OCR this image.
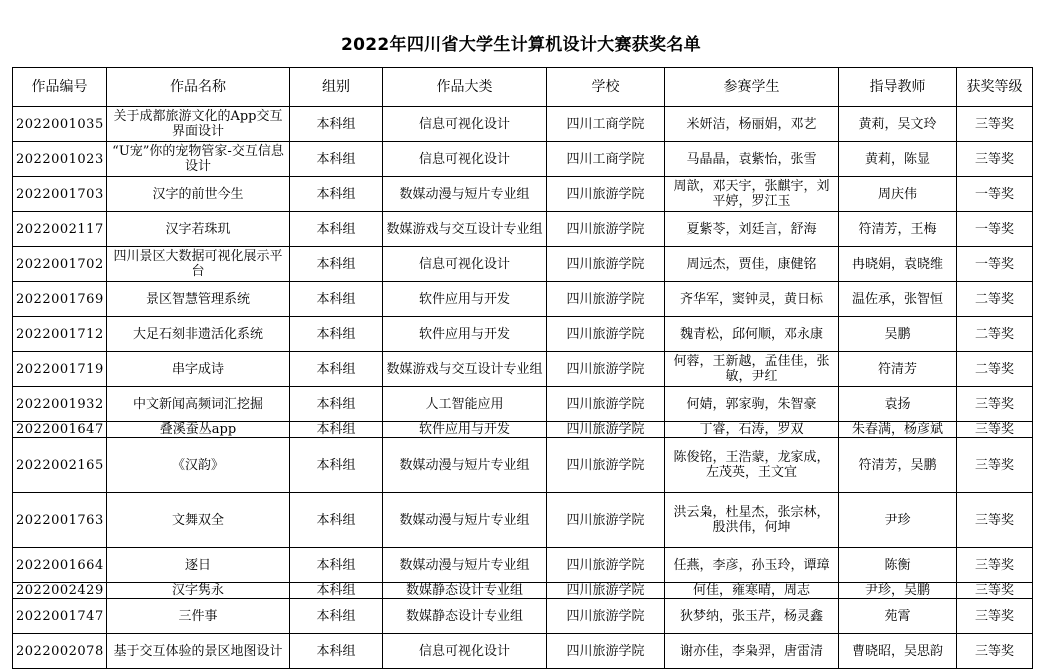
2022年四川省大学生计算机设计大赛获奖名单
作品编号	作品名称	组别	作品大类	学校	参赛学生	指导教师	获奖等级
2022001035	关于成都旅游文化的App交互界面设计	本科组	信息可视化设计	四川工商学院	米妍洁，杨丽娟，邓艺	黄莉，吴文玲	三等奖
2022001023	“U宠”你的宠物管家-交互信息设计	本科组	信息可视化设计	四川工商学院	马晶晶，袁紫怡，张雪	黄莉，陈显	三等奖
2022001703	汉字的前世今生	本科组	数媒动漫与短片专业组	四川旅游学院	周歆，邓天宇，张麒宇，刘平婷，罗江玉	周庆伟	一等奖
2022002117	汉字若珠玑	本科组	数媒游戏与交互设计专业组	四川旅游学院	夏紫苓，刘廷言，舒海	符清芳，王梅	一等奖
2022001702	四川景区大数据可视化展示平台	本科组	信息可视化设计	四川旅游学院	周远杰，贾佳，康健铭	冉晓娟，袁晓维	一等奖
2022001769	景区智慧管理系统	本科组	软件应用与开发	四川旅游学院	齐华军，窦钟灵，黄日标	温佐承，张智恒	二等奖
2022001712	大足石刻非遗活化系统	本科组	软件应用与开发	四川旅游学院	魏青松，邱何顺，邓永康	吴鹏	二等奖
2022001719	串字成诗	本科组	数媒游戏与交互设计专业组	四川旅游学院	何蓉，王新越，孟佳佳，张敏，尹红	符清芳	二等奖
2022001932	中文新闻高频词汇挖掘	本科组	人工智能应用	四川旅游学院	何婧，郭家驹，朱智豪	袁扬	三等奖
2022001647	叠溪蚕丛app	本科组	软件应用与开发	四川旅游学院	丁睿，石涛，罗双	朱春满，杨彦斌	三等奖
2022002165	《汉韵》	本科组	数媒动漫与短片专业组	四川旅游学院	陈俊铭，王浩蒙，龙家成，左茂英，王文宜	符清芳，吴鹏	三等奖
2022001763	文舞双全	本科组	数媒动漫与短片专业组	四川旅游学院	洪云枭，杜星杰，张宗林，殷洪伟，何坤	尹珍	三等奖
2022001664	逐日	本科组	数媒动漫与短片专业组	四川旅游学院	任燕，李彦，孙玉玲，谭璋	陈衡	三等奖
2022002429	汉字隽永	本科组	数媒静态设计专业组	四川旅游学院	何佳，雍寒晴，周志	尹珍，吴鹏	三等奖
2022001747	三件事	本科组	数媒静态设计专业组	四川旅游学院	狄梦纳，张玉芹，杨灵鑫	苑霄	三等奖
2022002078	基于交互体验的景区地图设计	本科组	信息可视化设计	四川旅游学院	谢亦佳，李枭羿，唐雷清	曹晓昭，吴思韵	三等奖
